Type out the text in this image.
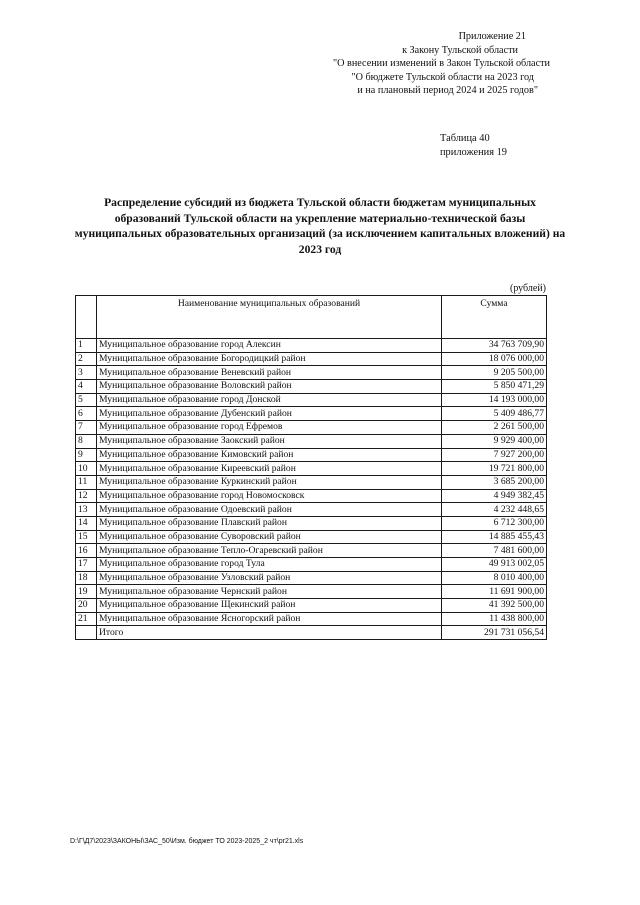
Приложение 21
к Закону Тульской области
"О внесении изменений в Закон Тульской области
"О бюджете Тульской области на 2023 год
и на плановый период 2024 и 2025 годов"
Таблица 40
приложения 19
Распределение субсидий из бюджета Тульской области бюджетам муниципальных образований Тульской области на укрепление материально-технической базы муниципальных образовательных организаций (за исключением капитальных вложений) на 2023 год
(рублей)
	Наименование муниципальных образований	Сумма
1	Муниципальное образование город Алексин	34 763 709,90
2	Муниципальное образование Богородицкий район	18 076 000,00
3	Муниципальное образование Веневский район	9 205 500,00
4	Муниципальное образование Воловский район	5 850 471,29
5	Муниципальное образование город Донской	14 193 000,00
6	Муниципальное образование Дубенский район	5 409 486,77
7	Муниципальное образование город Ефремов	2 261 500,00
8	Муниципальное образование Заокский район	9 929 400,00
9	Муниципальное образование Кимовский район	7 927 200,00
10	Муниципальное образование Киреевский район	19 721 800,00
11	Муниципальное образование Куркинский район	3 685 200,00
12	Муниципальное образование город Новомосковск	4 949 382,45
13	Муниципальное образование Одоевский район	4 232 448,65
14	Муниципальное образование Плавский район	6 712 300,00
15	Муниципальное образование Суворовский район	14 885 455,43
16	Муниципальное образование Тепло-Огаревский район	7 481 600,00
17	Муниципальное образование город Тула	49 913 002,05
18	Муниципальное образование Узловский район	8 010 400,00
19	Муниципальное образование Чернский район	11 691 900,00
20	Муниципальное образование Щекинский район	41 392 500,00
21	Муниципальное образование Ясногорский район	11 438 800,00
	Итого	291 731 056,54
D:\Г\Д7\2023\ЗАКОНЫ\ЗАС_50\Изм. бюджет ТО 2023-2025_2 чт\pr21.xls
